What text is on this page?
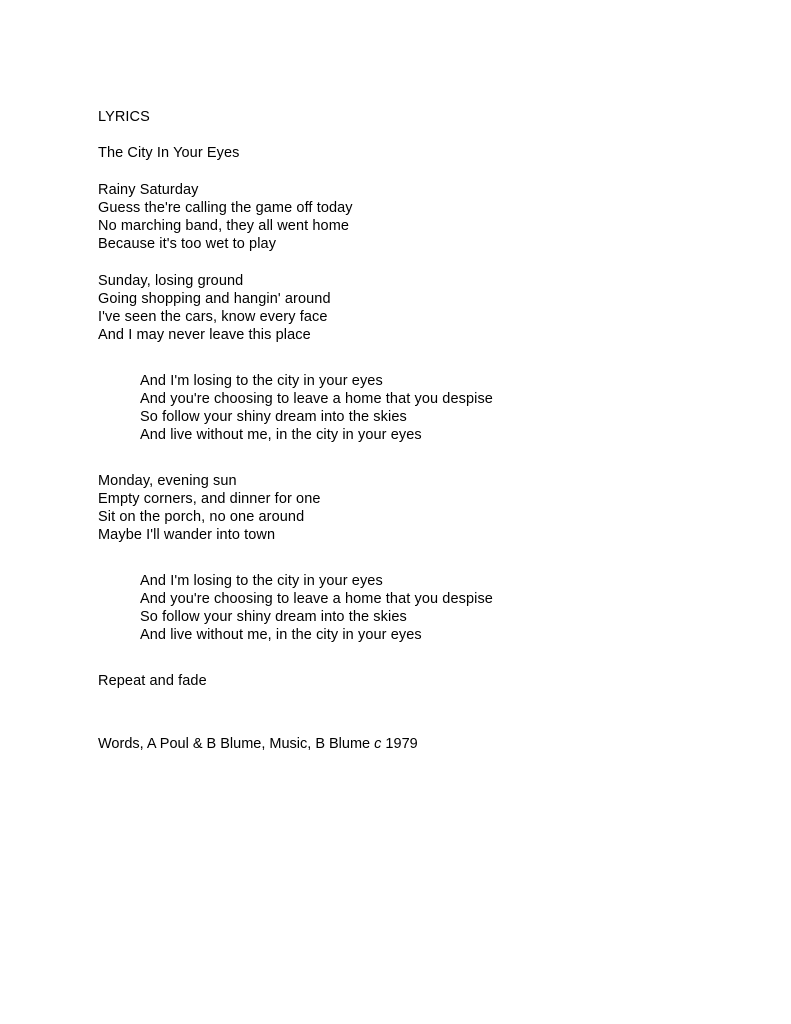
LYRICS
The City In Your Eyes
Rainy Saturday
Guess the're calling the game off today
No marching band, they all went home
Because it's too wet to play
Sunday, losing ground
Going shopping and hangin' around
I've seen the cars, know every face
And I may never leave this place
And I'm losing to the city in your eyes
And you're choosing to leave a home that you despise
So follow your shiny dream into the skies
And live without me, in the city in your eyes
Monday, evening sun
Empty corners, and dinner for one
Sit on the porch, no one around
Maybe I'll wander into town
And I'm losing to the city in your eyes
And you're choosing to leave a home that you despise
So follow your shiny dream into the skies
And live without me, in the city in your eyes
Repeat and fade
Words, A Poul & B Blume, Music, B Blume c 1979
